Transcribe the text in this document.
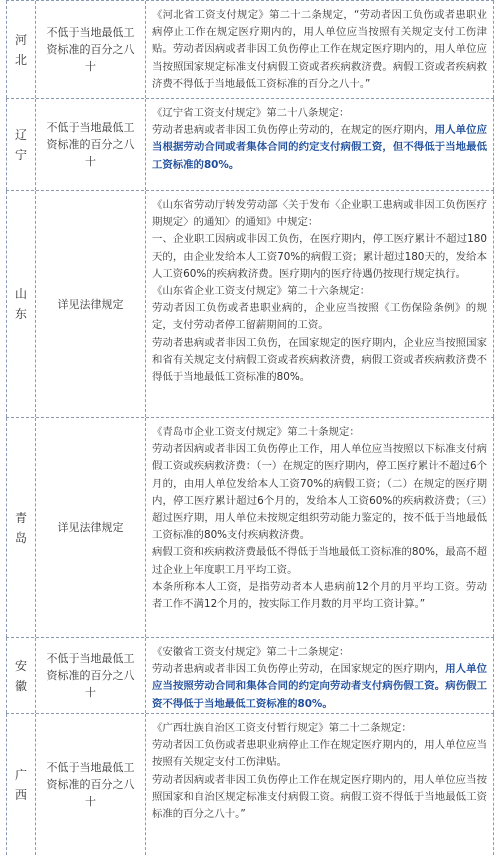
河
北
不低于当地最低工资标准的百分之八十

《河北省工资支付规定》第二十二条规定，“劳动者因工负伤或者患职业病停止工作在规定医疗期内的，用人单位应当按照有关规定支付工伤津贴。劳动者因病或者非因工负伤停止工作在规定医疗期内的，用人单位应当按照国家规定标准支付病假工资或者疾病救济费。病假工资或者疾病救济费不得低于当地最低工资标准的百分之八十。”

辽
宁
不低于当地最低工资标准的百分之八十

《辽宁省工资支付规定》第二十八条规定：

劳动者患病或者非因工负伤停止劳动的，在规定的医疗期内，用人单位应当根据劳动合同或者集体合同的约定支付病假工资，但不得低于当地最低工资标准的80%。

山
东
详见法律规定

《山东省劳动厅转发劳动部〈关于发布〈企业职工患病或非因工负伤医疗期规定〉的通知〉的通知》中规定：

一、企业职工因病或非因工负伤，在医疗期内，停工医疗累计不超过180天的，由企业发给本人工资70%的病假工资；累计超过180天的，发给本人工资60%的疾病救济费。医疗期内的医疗待遇仍按现行规定执行。

《山东省企业工资支付规定》第二十六条规定：

劳动者因工负伤或者患职业病的，企业应当按照《工伤保险条例》的规定，支付劳动者停工留薪期间的工资。

劳动者患病或者非因工负伤，在国家规定的医疗期内，企业应当按照国家和省有关规定支付病假工资或者疾病救济费，病假工资或者疾病救济费不得低于当地最低工资标准的80%。

青
岛
详见法律规定

《青岛市企业工资支付规定》第二十条规定：

劳动者因病或者非因工负伤停止工作，用人单位应当按照以下标准支付病假工资或疾病救济费：（一）在规定的医疗期内，停工医疗累计不超过6个月的，由用人单位发给本人工资70%的病假工资；（二）在规定的医疗期内，停工医疗累计超过6个月的，发给本人工资60%的疾病救济费；（三）超过医疗期，用人单位未按规定组织劳动能力鉴定的，按不低于当地最低工资标准的80%支付疾病救济费。

病假工资和疾病救济费最低不得低于当地最低工资标准的80%，最高不超过企业上年度职工月平均工资。

本条所称本人工资，是指劳动者本人患病前12个月的月平均工资。劳动者工作不满12个月的，按实际工作月数的月平均工资计算。”

安
徽
不低于当地最低工资标准的百分之八十

《安徽省工资支付规定》第二十二条规定：

劳动者患病或者非因工负伤停止劳动，在国家规定的医疗期内，用人单位应当按照劳动合同和集体合同的约定向劳动者支付病伤假工资。病伤假工资不得低于当地最低工资标准的80%。

广
西
不低于当地最低工资标准的百分之八十

《广西壮族自治区工资支付暂行规定》第二十二条规定：

劳动者因工负伤或者患职业病停止工作在规定医疗期内的，用人单位应当按照有关规定支付工伤津贴。

劳动者因病或者非因工负伤停止工作在规定医疗期内的，用人单位应当按照国家和自治区规定标准支付病假工资。病假工资不得低于当地最低工资标准的百分之八十。”
